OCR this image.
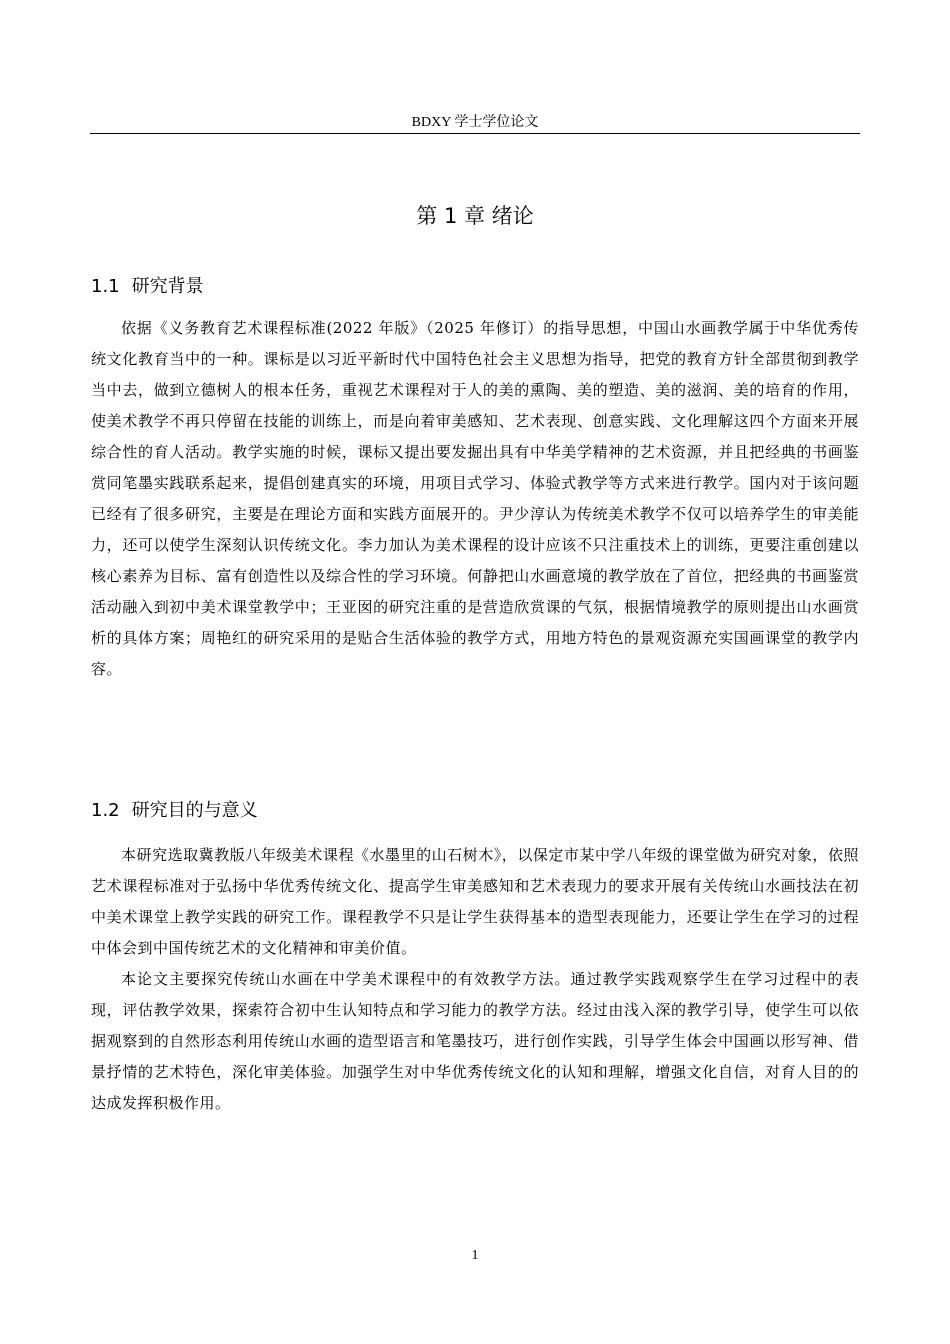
BDXY 学士学位论文
第 1 章 绪论
1.1 研究背景

依据《义务教育艺术课程标准(2022 年版》（2025 年修订）的指导思想，中国山水画教学属于中华优秀传统文化教育当中的一种。课标是以习近平新时代中国特色社会主义思想为指导，把党的教育方针全部贯彻到教学当中去，做到立德树人的根本任务，重视艺术课程对于人的美的熏陶、美的塑造、美的滋润、美的培育的作用，使美术教学不再只停留在技能的训练上，而是向着审美感知、艺术表现、创意实践、文化理解这四个方面来开展综合性的育人活动。教学实施的时候，课标又提出要发掘出具有中华美学精神的艺术资源，并且把经典的书画鉴赏同笔墨实践联系起来，提倡创建真实的环境，用项目式学习、体验式教学等方式来进行教学。国内对于该问题已经有了很多研究，主要是在理论方面和实践方面展开的。尹少淳认为传统美术教学不仅可以培养学生的审美能力，还可以使学生深刻认识传统文化。李力加认为美术课程的设计应该不只注重技术上的训练，更要注重创建以核心素养为目标、富有创造性以及综合性的学习环境。何静把山水画意境的教学放在了首位，把经典的书画鉴赏活动融入到初中美术课堂教学中；王亚囡的研究注重的是营造欣赏课的气氛，根据情境教学的原则提出山水画赏析的具体方案；周艳红的研究采用的是贴合生活体验的教学方式，用地方特色的景观资源充实国画课堂的教学内容。

1.2 研究目的与意义

本研究选取冀教版八年级美术课程《水墨里的山石树木》，以保定市某中学八年级的课堂做为研究对象，依照艺术课程标准对于弘扬中华优秀传统文化、提高学生审美感知和艺术表现力的要求开展有关传统山水画技法在初中美术课堂上教学实践的研究工作。课程教学不只是让学生获得基本的造型表现能力，还要让学生在学习的过程中体会到中国传统艺术的文化精神和审美价值。

本论文主要探究传统山水画在中学美术课程中的有效教学方法。通过教学实践观察学生在学习过程中的表现，评估教学效果，探索符合初中生认知特点和学习能力的教学方法。经过由浅入深的教学引导，使学生可以依据观察到的自然形态利用传统山水画的造型语言和笔墨技巧，进行创作实践，引导学生体会中国画以形写神、借景抒情的艺术特色，深化审美体验。加强学生对中华优秀传统文化的认知和理解，增强文化自信，对育人目的的达成发挥积极作用。

1
